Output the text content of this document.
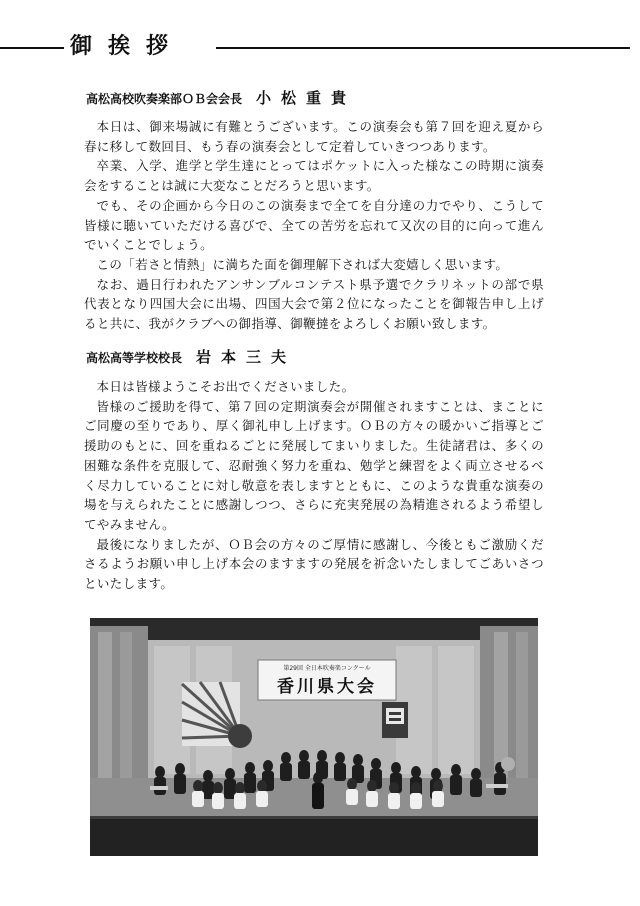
御挨拶
高松高校吹奏楽部ＯＢ会会長 小松重貴

本日は、御来場誠に有難とうございます。この演奏会も第７回を迎え夏から春に移して数回目、もう春の演奏会として定着していきつつあります。

卒業、入学、進学と学生達にとってはポケットに入った様なこの時期に演奏会をすることは誠に大変なことだろうと思います。

でも、その企画から今日のこの演奏まで全てを自分達の力でやり、こうして皆様に聴いていただける喜びで、全ての苦労を忘れて又次の目的に向って進んでいくことでしょう。

この「若さと情熱」に満ちた面を御理解下されば大変嬉しく思います。

なお、過日行われたアンサンブルコンテスト県予選でクラリネットの部で県代表となり四国大会に出場、四国大会で第２位になったことを御報告申し上げると共に、我がクラブへの御指導、御鞭撻をよろしくお願い致します。

高松高等学校校長 岩本三夫

本日は皆様ようこそお出でくださいました。

皆様のご援助を得て、第７回の定期演奏会が開催されますことは、まことにご同慶の至りであり、厚く御礼申し上げます。ＯＢの方々の暖かいご指導とご援助のもとに、回を重ねるごとに発展してまいりました。生徒諸君は、多くの困難な条件を克服して、忍耐強く努力を重ね、勉学と練習をよく両立させるべく尽力していることに対し敬意を表しますとともに、このような貴重な演奏の場を与えられたことに感謝しつつ、さらに充実発展の為精進されるよう希望してやみません。

最後になりましたが、ＯＢ会の方々のご厚情に感謝し、今後ともご激励くださるようお願い申し上げ本会のますますの発展を祈念いたしましてごあいさつといたします。

第29回 全日本吹奏楽コンクール
香川県大会
